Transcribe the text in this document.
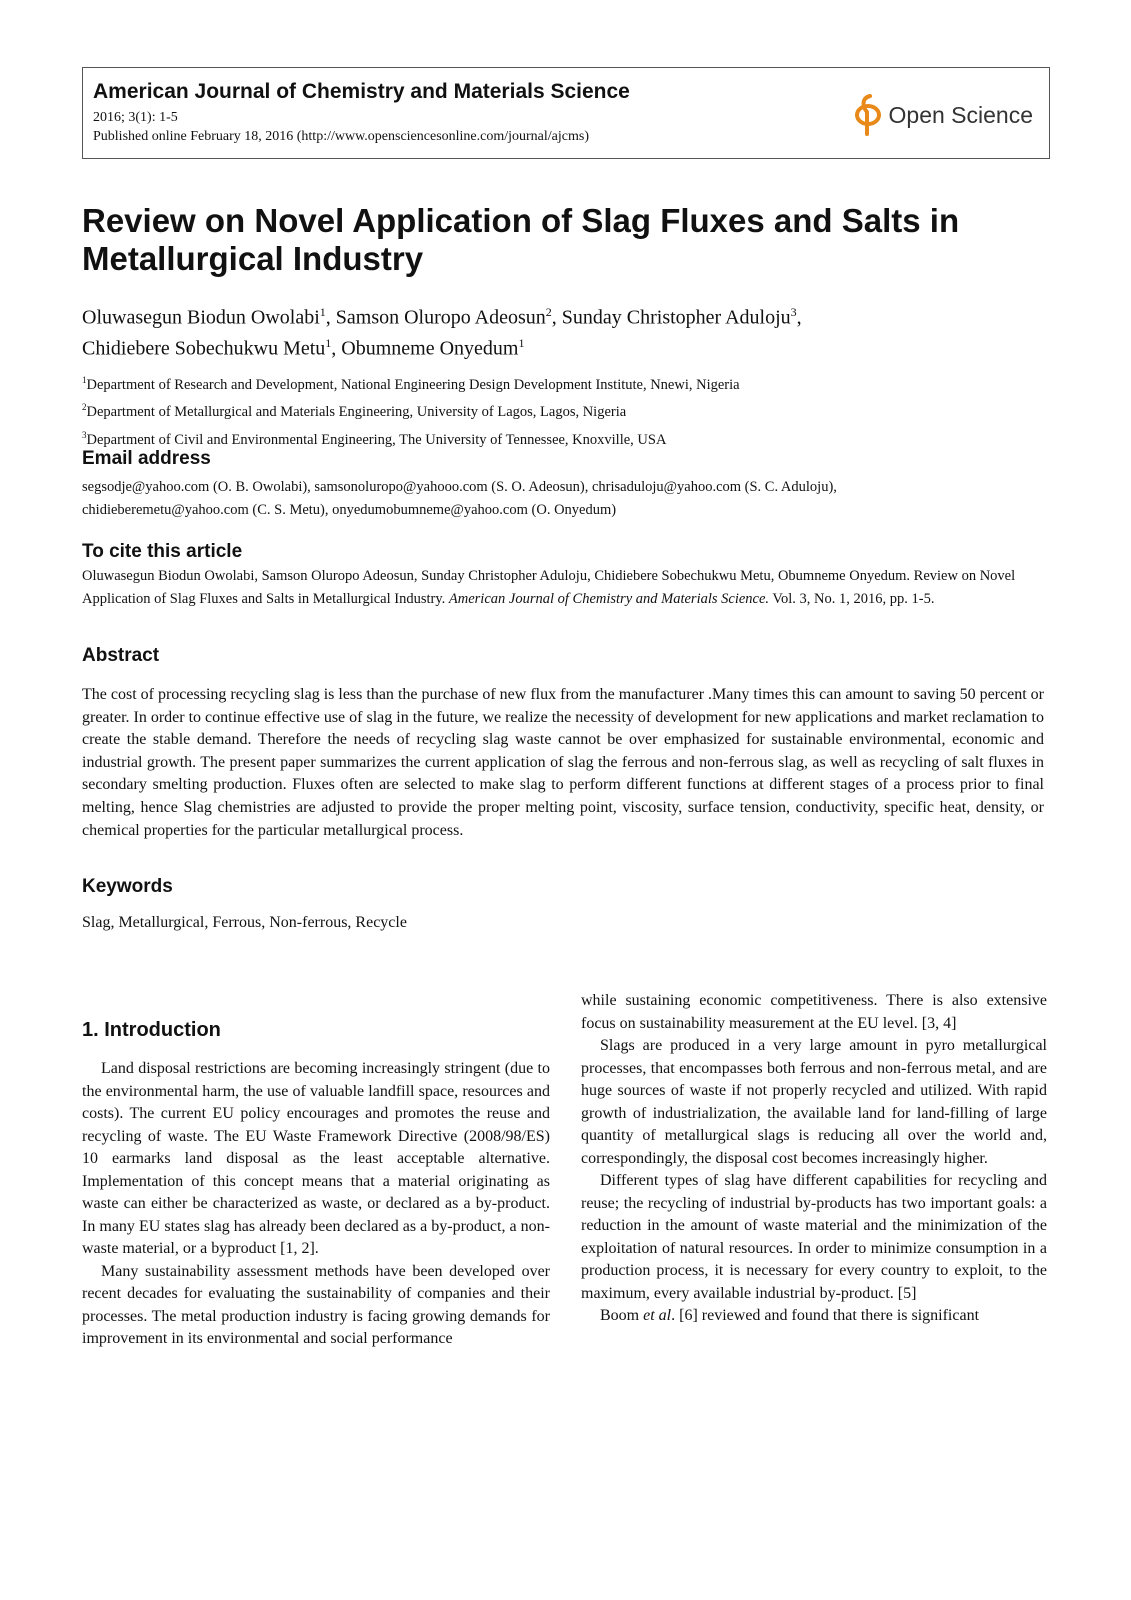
American Journal of Chemistry and Materials Science
2016; 3(1): 1-5
Published online February 18, 2016 (http://www.opensciencesonline.com/journal/ajcms)
Open Science
Review on Novel Application of Slag Fluxes and Salts in Metallurgical Industry
Oluwasegun Biodun Owolabi$^1$, Samson Oluropo Adeosun$^2$, Sunday Christopher Aduloju$^3$,
Chidiebere Sobechukwu Metu$^1$, Obumneme Onyedum$^1$
$^1$Department of Research and Development, National Engineering Design Development Institute, Nnewi, Nigeria
$^2$Department of Metallurgical and Materials Engineering, University of Lagos, Lagos, Nigeria
$^3$Department of Civil and Environmental Engineering, The University of Tennessee, Knoxville, USA
Email address
segsodje@yahoo.com (O. B. Owolabi), samsonoluropo@yahooo.com (S. O. Adeosun), chrisaduloju@yahoo.com (S. C. Aduloju),
chidieberemetu@yahoo.com (C. S. Metu), onyedumobumneme@yahoo.com (O. Onyedum)
To cite this article
Oluwasegun Biodun Owolabi, Samson Oluropo Adeosun, Sunday Christopher Aduloju, Chidiebere Sobechukwu Metu, Obumneme Onyedum. Review on Novel Application of Slag Fluxes and Salts in Metallurgical Industry. American Journal of Chemistry and Materials Science. Vol. 3, No. 1, 2016, pp. 1-5.
Abstract
The cost of processing recycling slag is less than the purchase of new flux from the manufacturer .Many times this can amount to saving 50 percent or greater. In order to continue effective use of slag in the future, we realize the necessity of development for new applications and market reclamation to create the stable demand. Therefore the needs of recycling slag waste cannot be over emphasized for sustainable environmental, economic and industrial growth. The present paper summarizes the current application of slag the ferrous and non-ferrous slag, as well as recycling of salt fluxes in secondary smelting production. Fluxes often are selected to make slag to perform different functions at different stages of a process prior to final melting, hence Slag chemistries are adjusted to provide the proper melting point, viscosity, surface tension, conductivity, specific heat, density, or chemical properties for the particular metallurgical process.
Keywords
Slag, Metallurgical, Ferrous, Non-ferrous, Recycle
1. Introduction

Land disposal restrictions are becoming increasingly stringent (due to the environmental harm, the use of valuable landfill space, resources and costs). The current EU policy encourages and promotes the reuse and recycling of waste. The EU Waste Framework Directive (2008/98/ES) 10 earmarks land disposal as the least acceptable alternative. Implementation of this concept means that a material originating as waste can either be characterized as waste, or declared as a by-product. In many EU states slag has already been declared as a by-product, a non-waste material, or a byproduct [1, 2].

Many sustainability assessment methods have been developed over recent decades for evaluating the sustainability of companies and their processes. The metal production industry is facing growing demands for improvement in its environmental and social performance

while sustaining economic competitiveness. There is also extensive focus on sustainability measurement at the EU level. [3, 4]

Slags are produced in a very large amount in pyro metallurgical processes, that encompasses both ferrous and non-ferrous metal, and are huge sources of waste if not properly recycled and utilized. With rapid growth of industrialization, the available land for land-filling of large quantity of metallurgical slags is reducing all over the world and, correspondingly, the disposal cost becomes increasingly higher.

Different types of slag have different capabilities for recycling and reuse; the recycling of industrial by-products has two important goals: a reduction in the amount of waste material and the minimization of the exploitation of natural resources. In order to minimize consumption in a production process, it is necessary for every country to exploit, to the maximum, every available industrial by-product. [5]

Boom et al. [6] reviewed and found that there is significant
